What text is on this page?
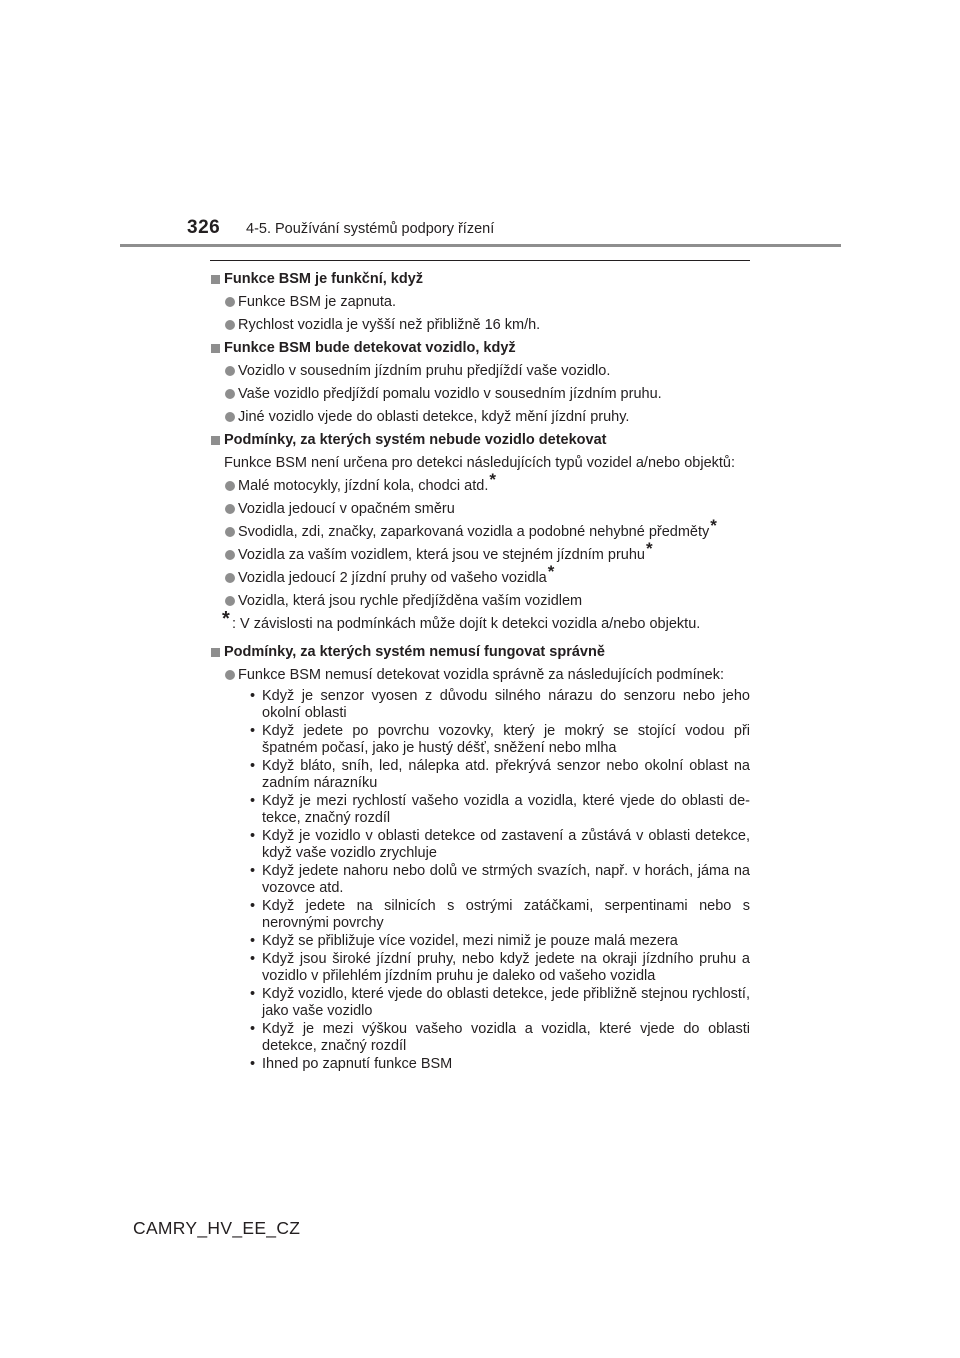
326 4-5. Používání systémů podpory řízení
Funkce BSM je funkční, když
Funkce BSM je zapnuta.
Rychlost vozidla je vyšší než přibližně 16 km/h.
Funkce BSM bude detekovat vozidlo, když
Vozidlo v sousedním jízdním pruhu předjíždí vaše vozidlo.
Vaše vozidlo předjíždí pomalu vozidlo v sousedním jízdním pruhu.
Jiné vozidlo vjede do oblasti detekce, když mění jízdní pruhy.
Podmínky, za kterých systém nebude vozidlo detekovat
Funkce BSM není určena pro detekci následujících typů vozidel a/nebo objektů:
Malé motocykly, jízdní kola, chodci atd.*
Vozidla jedoucí v opačném směru
Svodidla, zdi, značky, zaparkovaná vozidla a podobné nehybné předměty*
Vozidla za vaším vozidlem, která jsou ve stejném jízdním pruhu*
Vozidla jedoucí 2 jízdní pruhy od vašeho vozidla*
Vozidla, která jsou rychle předjížděna vaším vozidlem
* : V závislosti na podmínkách může dojít k detekci vozidla a/nebo objektu.
Podmínky, za kterých systém nemusí fungovat správně
Funkce BSM nemusí detekovat vozidla správně za následujících podmínek:
• Když je senzor vyosen z důvodu silného nárazu do senzoru nebo jeho okolní oblasti
• Když jedete po povrchu vozovky, který je mokrý se stojící vodou při špatném počasí, jako je hustý déšť, sněžení nebo mlha
• Když bláto, sníh, led, nálepka atd. překrývá senzor nebo okolní oblast na zadním nárazníku
• Když je mezi rychlostí vašeho vozidla a vozidla, které vjede do oblasti de-tekce, značný rozdíl
• Když je vozidlo v oblasti detekce od zastavení a zůstává v oblasti detekce, když vaše vozidlo zrychluje
• Když jedete nahoru nebo dolů ve strmých svazích, např. v horách, jáma na vozovce atd.
• Když jedete na silnicích s ostrými zatáčkami, serpentinami nebo s nerovnými povrchy
• Když se přibližuje více vozidel, mezi nimiž je pouze malá mezera
• Když jsou široké jízdní pruhy, nebo když jedete na okraji jízdního pruhu a vozidlo v přilehlém jízdním pruhu je daleko od vašeho vozidla
• Když vozidlo, které vjede do oblasti detekce, jede přibližně stejnou rychlostí, jako vaše vozidlo
• Když je mezi výškou vašeho vozidla a vozidla, které vjede do oblasti detekce, značný rozdíl
• Ihned po zapnutí funkce BSM
CAMRY_HV_EE_CZ
